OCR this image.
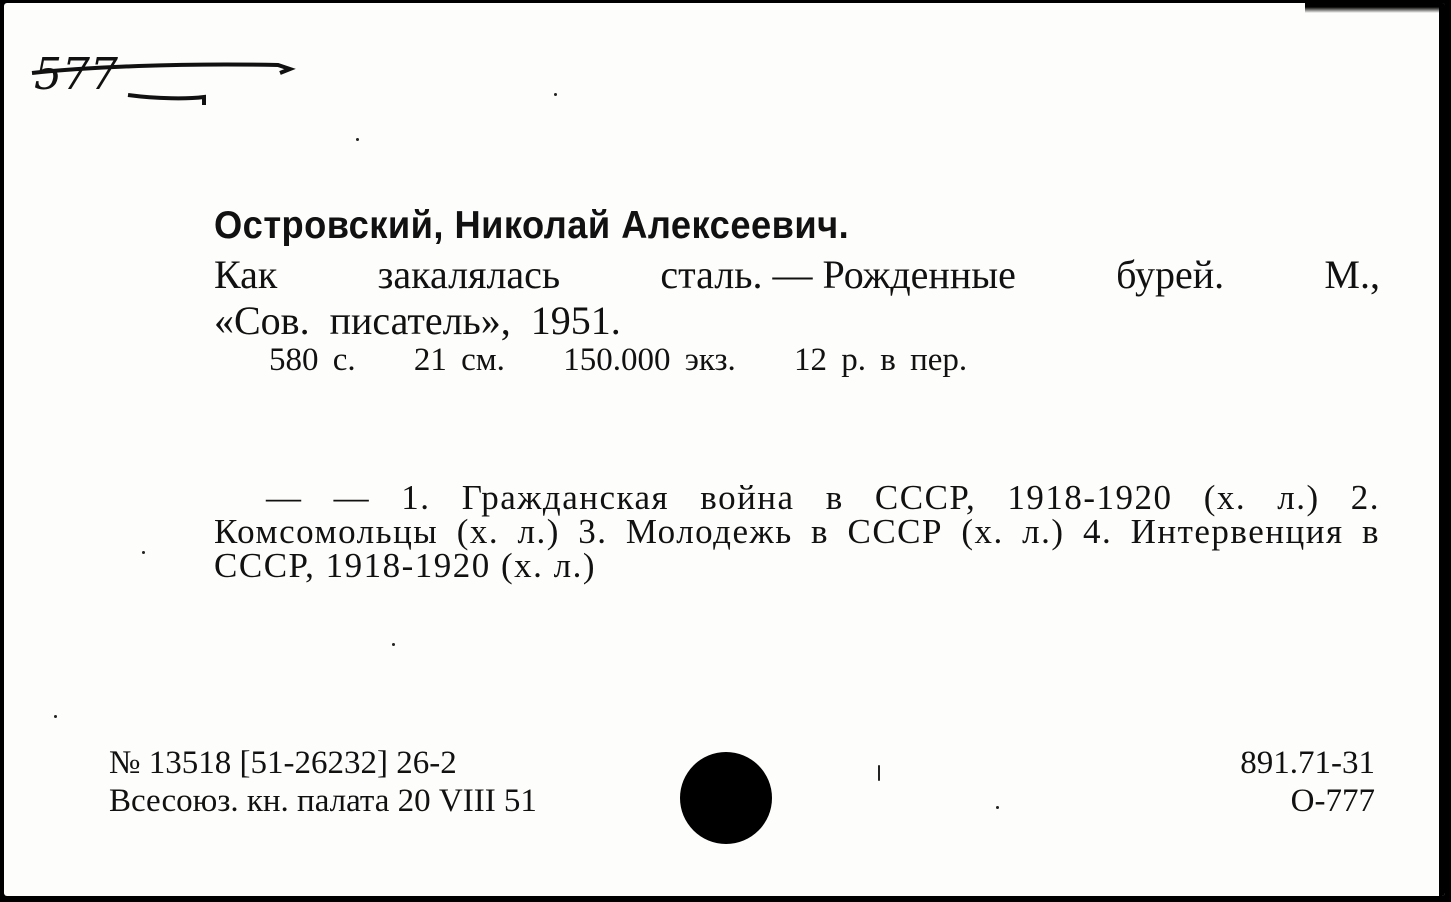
577
Островский, Николай Алексеевич.
Как	закалялась	сталь. — Рожденные	бурей.	М.,
«Сов. писатель», 1951.
580 с. 21 см. 150.000 экз. 12 р. в пер.
— — 1. Гражданская война в СССР, 1918-1920 (х. л.) 2. Комсомольцы (х. л.) 3. Молодежь в СССР (х. л.) 4. Интервенция в СССР, 1918-1920 (х. л.)
№ 13518 [51-26232] 26-2
Всесоюз. кн. палата 20 VIII 51
891.71-31
О-777
